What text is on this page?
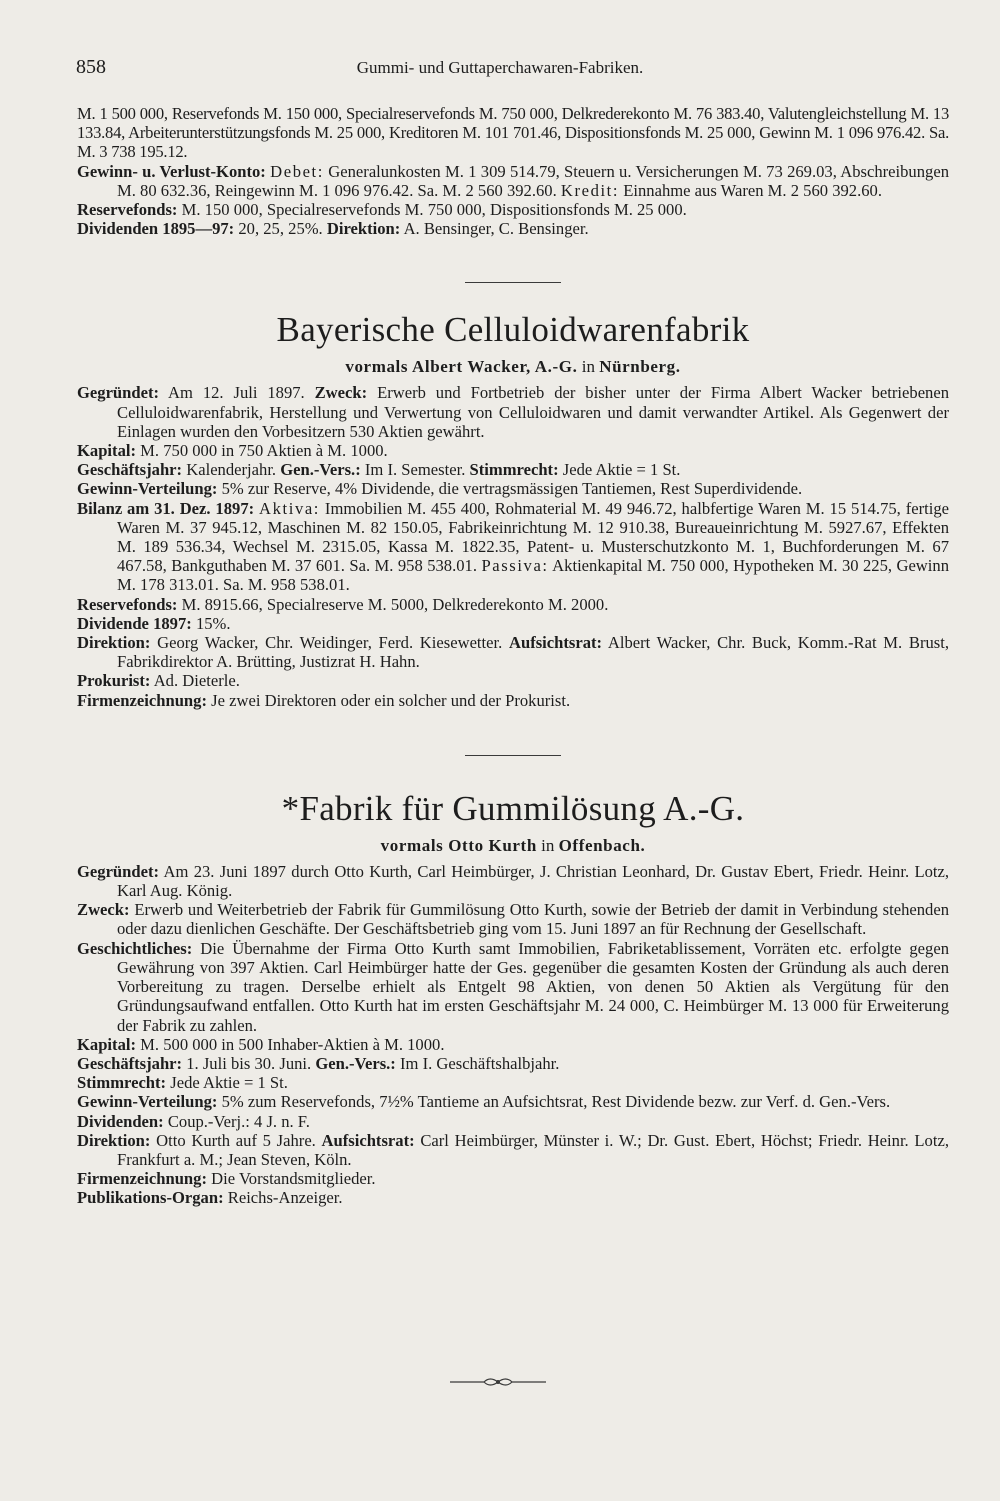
858	Gummi- und Guttaperchawaren-Fabriken.

M. 1 500 000, Reservefonds M. 150 000, Specialreservefonds M. 750 000, Delkrederekonto M. 76 383.40, Valutengleichstellung M. 13 133.84, Arbeiterunterstützungsfonds M. 25 000, Kreditoren M. 101 701.46, Dispositionsfonds M. 25 000, Gewinn M. 1 096 976.42. Sa. M. 3 738 195.12.

Gewinn- u. Verlust-Konto: Debet: Generalunkosten M. 1 309 514.79, Steuern u. Versicherungen M. 73 269.03, Abschreibungen M. 80 632.36, Reingewinn M. 1 096 976.42. Sa. M. 2 560 392.60. Kredit: Einnahme aus Waren M. 2 560 392.60.

Reservefonds: M. 150 000, Specialreservefonds M. 750 000, Dispositionsfonds M. 25 000.

Dividenden 1895—97: 20, 25, 25%. Direktion: A. Bensinger, C. Bensinger.

Bayerische Celluloidwarenfabrik
vormals Albert Wacker, A.-G. in Nürnberg.

Gegründet: Am 12. Juli 1897. Zweck: Erwerb und Fortbetrieb der bisher unter der Firma Albert Wacker betriebenen Celluloidwarenfabrik, Herstellung und Verwertung von Celluloidwaren und damit verwandter Artikel. Als Gegenwert der Einlagen wurden den Vorbesitzern 530 Aktien gewährt.

Kapital: M. 750 000 in 750 Aktien à M. 1000.

Geschäftsjahr: Kalenderjahr. Gen.-Vers.: Im I. Semester. Stimmrecht: Jede Aktie = 1 St.

Gewinn-Verteilung: 5% zur Reserve, 4% Dividende, die vertragsmässigen Tantiemen, Rest Superdividende.

Bilanz am 31. Dez. 1897: Aktiva: Immobilien M. 455 400, Rohmaterial M. 49 946.72, halbfertige Waren M. 15 514.75, fertige Waren M. 37 945.12, Maschinen M. 82 150.05, Fabrikeinrichtung M. 12 910.38, Bureaueinrichtung M. 5927.67, Effekten M. 189 536.34, Wechsel M. 2315.05, Kassa M. 1822.35, Patent- u. Musterschutzkonto M. 1, Buchforderungen M. 67 467.58, Bankguthaben M. 37 601. Sa. M. 958 538.01. Passiva: Aktienkapital M. 750 000, Hypotheken M. 30 225, Gewinn M. 178 313.01. Sa. M. 958 538.01.

Reservefonds: M. 8915.66, Specialreserve M. 5000, Delkrederekonto M. 2000.

Dividende 1897: 15%.

Direktion: Georg Wacker, Chr. Weidinger, Ferd. Kiesewetter. Aufsichtsrat: Albert Wacker, Chr. Buck, Komm.-Rat M. Brust, Fabrikdirektor A. Brütting, Justizrat H. Hahn.

Prokurist: Ad. Dieterle.

Firmenzeichnung: Je zwei Direktoren oder ein solcher und der Prokurist.

*Fabrik für Gummilösung A.-G.
vormals Otto Kurth in Offenbach.

Gegründet: Am 23. Juni 1897 durch Otto Kurth, Carl Heimbürger, J. Christian Leonhard, Dr. Gustav Ebert, Friedr. Heinr. Lotz, Karl Aug. König.

Zweck: Erwerb und Weiterbetrieb der Fabrik für Gummilösung Otto Kurth, sowie der Betrieb der damit in Verbindung stehenden oder dazu dienlichen Geschäfte. Der Geschäftsbetrieb ging vom 15. Juni 1897 an für Rechnung der Gesellschaft.

Geschichtliches: Die Übernahme der Firma Otto Kurth samt Immobilien, Fabriketablissement, Vorräten etc. erfolgte gegen Gewährung von 397 Aktien. Carl Heimbürger hatte der Ges. gegenüber die gesamten Kosten der Gründung als auch deren Vorbereitung zu tragen. Derselbe erhielt als Entgelt 98 Aktien, von denen 50 Aktien als Vergütung für den Gründungsaufwand entfallen. Otto Kurth hat im ersten Geschäftsjahr M. 24 000, C. Heimbürger M. 13 000 für Erweiterung der Fabrik zu zahlen.

Kapital: M. 500 000 in 500 Inhaber-Aktien à M. 1000.

Geschäftsjahr: 1. Juli bis 30. Juni. Gen.-Vers.: Im I. Geschäftshalbjahr.

Stimmrecht: Jede Aktie = 1 St.

Gewinn-Verteilung: 5% zum Reservefonds, 7½% Tantieme an Aufsichtsrat, Rest Dividende bezw. zur Verf. d. Gen.-Vers.

Dividenden: Coup.-Verj.: 4 J. n. F.

Direktion: Otto Kurth auf 5 Jahre. Aufsichtsrat: Carl Heimbürger, Münster i. W.; Dr. Gust. Ebert, Höchst; Friedr. Heinr. Lotz, Frankfurt a. M.; Jean Steven, Köln.

Firmenzeichnung: Die Vorstandsmitglieder.

Publikations-Organ: Reichs-Anzeiger.
